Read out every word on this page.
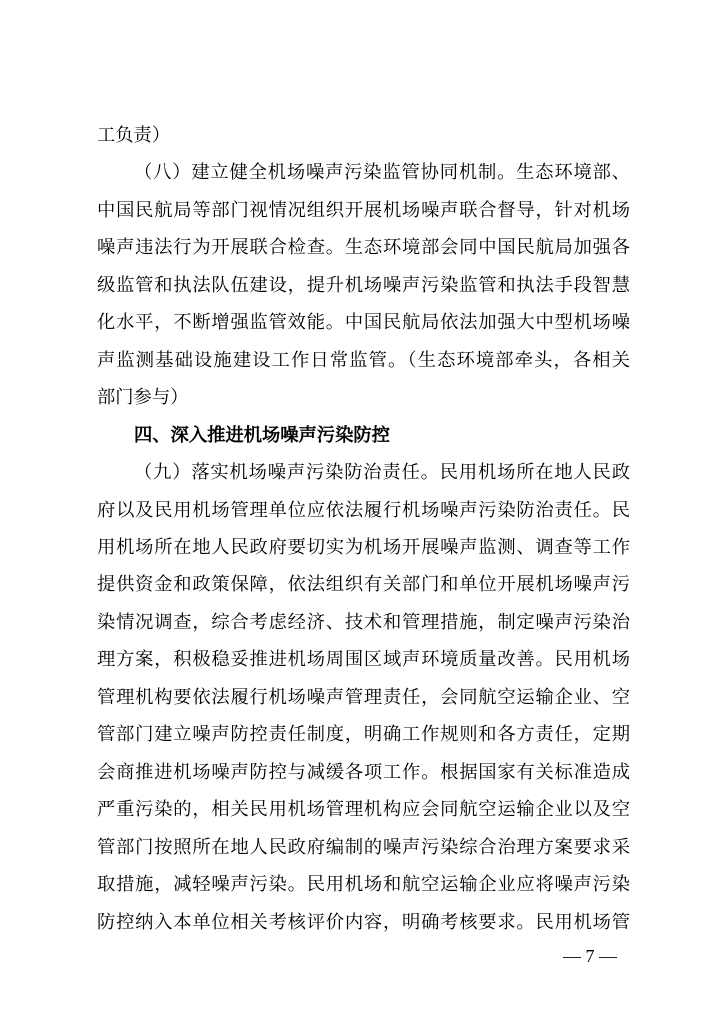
工负责）
（八）建立健全机场噪声污染监管协同机制。生态环境部、
中国民航局等部门视情况组织开展机场噪声联合督导，针对机场
噪声违法行为开展联合检查。生态环境部会同中国民航局加强各
级监管和执法队伍建设，提升机场噪声污染监管和执法手段智慧
化水平，不断增强监管效能。中国民航局依法加强大中型机场噪
声监测基础设施建设工作日常监管。（生态环境部牵头，各相关
部门参与）
四、深入推进机场噪声污染防控
（九）落实机场噪声污染防治责任。民用机场所在地人民政
府以及民用机场管理单位应依法履行机场噪声污染防治责任。民
用机场所在地人民政府要切实为机场开展噪声监测、调查等工作
提供资金和政策保障，依法组织有关部门和单位开展机场噪声污
染情况调查，综合考虑经济、技术和管理措施，制定噪声污染治
理方案，积极稳妥推进机场周围区域声环境质量改善。民用机场
管理机构要依法履行机场噪声管理责任，会同航空运输企业、空
管部门建立噪声防控责任制度，明确工作规则和各方责任，定期
会商推进机场噪声防控与减缓各项工作。根据国家有关标准造成
严重污染的，相关民用机场管理机构应会同航空运输企业以及空
管部门按照所在地人民政府编制的噪声污染综合治理方案要求采
取措施，减轻噪声污染。民用机场和航空运输企业应将噪声污染
防控纳入本单位相关考核评价内容，明确考核要求。民用机场管
— 7 —
